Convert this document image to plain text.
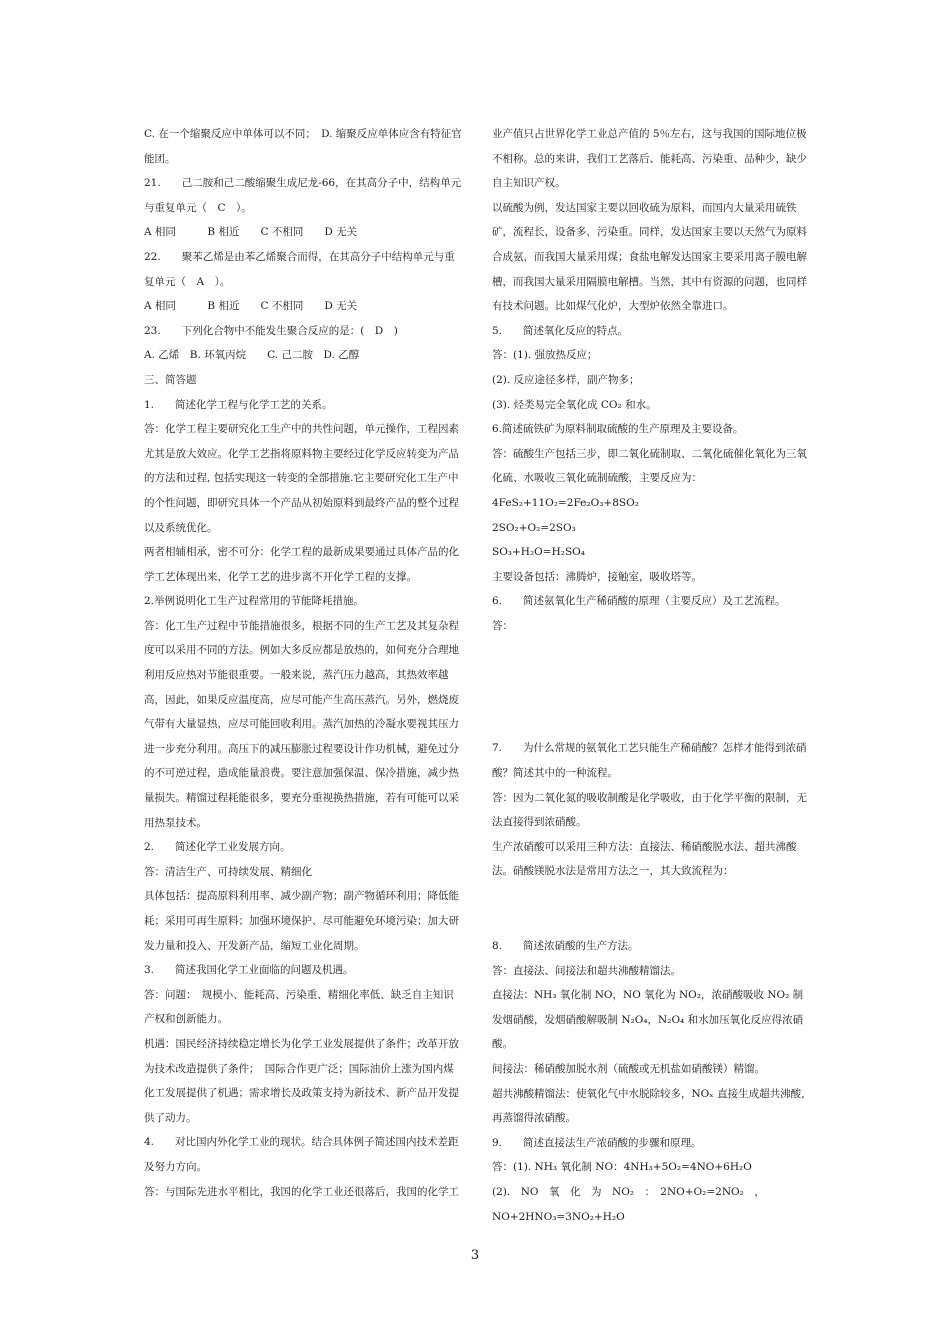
C. 在一个缩聚反应中单体可以不同；　D. 缩聚反应单体应含有特征官能团。

21.　　己二胺和己二酸缩聚生成尼龙-66，在其高分子中，结构单元与重复单元（　C　）。

A 相同　　　B 相近　　C 不相同　　D 无关

22.　　聚苯乙烯是由苯乙烯聚合而得，在其高分子中结构单元与重复单元（　A　）。

A 相同　　　B 相近　　C 不相同　　D 无关

23.　　下列化合物中不能发生聚合反应的是：(　D　)

A. 乙烯　B. 环氧丙烷　　C. 己二胺　D. 乙醇

三、简答题

1.　　简述化学工程与化学工艺的关系。

答：化学工程主要研究化工生产中的共性问题，单元操作，工程因素尤其是放大效应。化学工艺指将原料物主要经过化学反应转变为产品的方法和过程, 包括实现这一转变的全部措施.它主要研究化工生产中的个性问题，即研究具体一个产品从初始原料到最终产品的整个过程以及系统优化。

两者相辅相承，密不可分：化学工程的最新成果要通过具体产品的化学工艺体现出来，化学工艺的进步离不开化学工程的支撑。

2.举例说明化工生产过程常用的节能降耗措施。

答：化工生产过程中节能措施很多，根据不同的生产工艺及其复杂程度可以采用不同的方法。例如大多反应都是放热的，如何充分合理地利用反应热对节能很重要。一般来说，蒸汽压力越高，其热效率越高，因此，如果反应温度高，应尽可能产生高压蒸汽。另外，燃烧废气带有大量显热，应尽可能回收利用。蒸汽加热的冷凝水要视其压力进一步充分利用。高压下的减压膨胀过程要设计作功机械，避免过分的不可逆过程，造成能量浪费。要注意加强保温、保冷措施，减少热量损失。精馏过程耗能很多，要充分重视换热措施，若有可能可以采用热泵技术。

2.　　简述化学工业发展方向。

答：清洁生产、可持续发展、精细化

具体包括：提高原料利用率、减少副产物；副产物循环利用；降低能耗；采用可再生原料；加强环境保护、尽可能避免环境污染；加大研发力量和投入、开发新产品，缩短工业化周期。

3.　　简述我国化学工业面临的问题及机遇。

答：问题：　规模小、能耗高、污染重、精细化率低、缺乏自主知识产权和创新能力。

机遇：国民经济持续稳定增长为化学工业发展提供了条件；改革开放为技术改造提供了条件；　国际合作更广泛；国际油价上涨为国内煤化工发展提供了机遇；需求增长及政策支持为新技术、新产品开发提供了动力。

4.　　对比国内外化学工业的现状。结合具体例子简述国内技术差距及努力方向。

答：与国际先进水平相比，我国的化学工业还很落后，我国的化学工

业产值只占世界化学工业总产值的 5％左右，这与我国的国际地位极不相称。总的来讲，我们工艺落后、能耗高、污染重、品种少，缺少自主知识产权。

以硫酸为例，发达国家主要以回收硫为原料，而国内大量采用硫铁矿，流程长，设备多，污染重。同样，发达国家主要以天然气为原料合成氨，而我国大量采用煤；食盐电解发达国家主要采用离子膜电解槽，而我国大量采用隔膜电解槽。当然，其中有资源的问题，也同样有技术问题。比如煤气化炉，大型炉依然全靠进口。

5.　　简述氧化反应的特点。

答：(1). 强放热反应；

(2). 反应途径多样，副产物多；

(3). 烃类易完全氧化成 CO₂ 和水。

6.简述硫铁矿为原料制取硫酸的生产原理及主要设备。

答：硫酸生产包括三步，即二氧化硫制取、二氧化硫催化氧化为三氧化硫、水吸收三氧化硫制硫酸，主要反应为：

4FeS₂+11O₂=2Fe₂O₃+8SO₂

2SO₂+O₂=2SO₃

SO₃+H₂O=H₂SO₄

主要设备包括：沸腾炉，接触室，吸收塔等。

6.　　简述氨氧化生产稀硝酸的原理（主要反应）及工艺流程。

答：

7.　　为什么常规的氨氧化工艺只能生产稀硝酸？怎样才能得到浓硝酸？简述其中的一种流程。

答：因为二氧化氮的吸收制酸是化学吸收，由于化学平衡的限制，无法直接得到浓硝酸。

生产浓硝酸可以采用三种方法：直接法、稀硝酸脱水法、超共沸酸法。硝酸镁脱水法是常用方法之一，其大致流程为：

8.　　简述浓硝酸的生产方法。

答：直接法、间接法和超共沸酸精馏法。

直接法：NH₃ 氧化制 NO，NO 氧化为 NO₂，浓硝酸吸收 NO₂ 制发烟硝酸，发烟硝酸解吸制 N₂O₄，N₂O₄ 和水加压氧化反应得浓硝酸。

间接法：稀硝酸加脱水剂（硫酸或无机盐如硝酸镁）精馏。

超共沸酸精馏法：使氧化气中水脱除较多，NOₓ 直接生成超共沸酸，再蒸馏得浓硝酸。

9.　　简述直接法生产浓硝酸的步骤和原理。

答：(1). NH₃ 氧化制 NO：4NH₃+5O₂=4NO+6H₂O

(2).　NO　氧　化　为　NO₂　：　2NO+O₂=2NO₂　，NO+2HNO₃=3NO₂+H₂O

3
